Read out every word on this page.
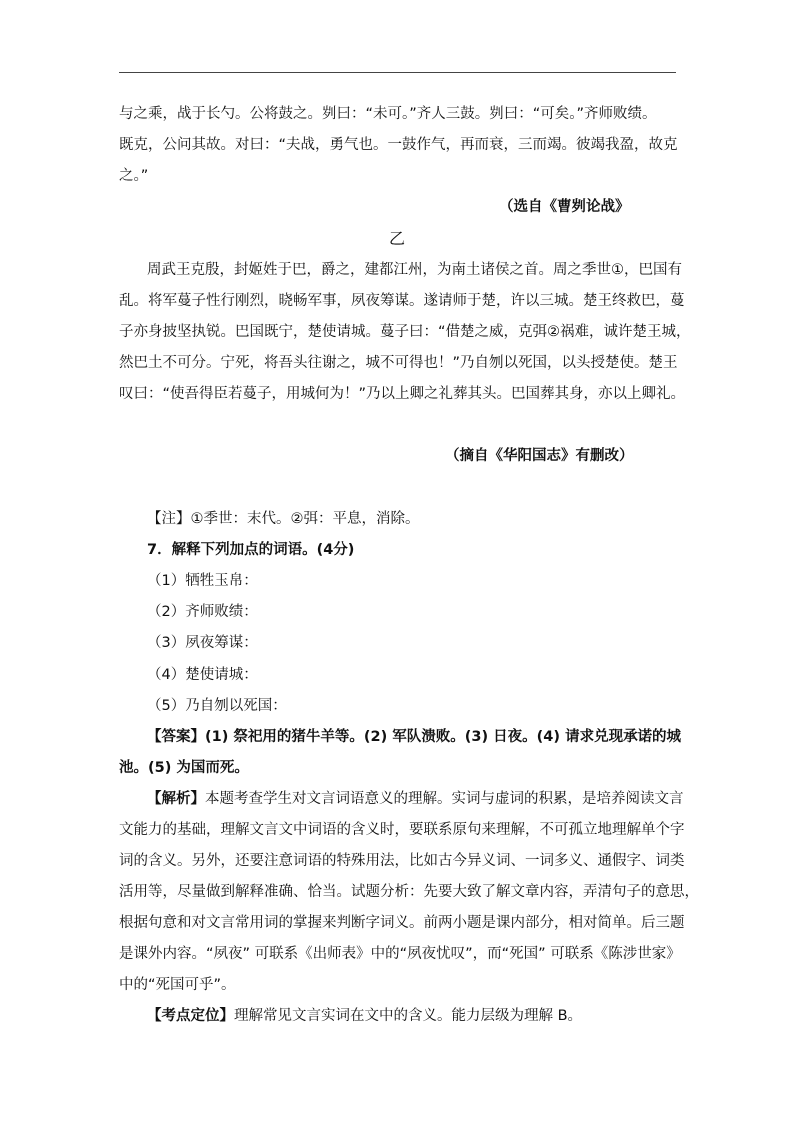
与之乘，战于长勺。公将鼓之。刿曰：“未可。”齐人三鼓。刿曰：“可矣。”齐师败绩。
既克，公问其故。对曰：“夫战，勇气也。一鼓作气，再而衰，三而竭。彼竭我盈，故克
之。”
（选自《曹刿论战》
乙
周武王克殷，封姬姓于巴，爵之，建都江州，为南土诸侯之首。周之季世①，巴国有
乱。将军蔓子性行刚烈，晓畅军事，夙夜筹谋。遂请师于楚，许以三城。楚王终救巴，蔓
子亦身披坚执锐。巴国既宁，楚使请城。蔓子曰：“借楚之威，克弭②祸难，诚许楚王城，
然巴土不可分。宁死，将吾头往谢之，城不可得也！”乃自刎以死国，以头授楚使。楚王
叹曰：“使吾得臣若蔓子，用城何为！”乃以上卿之礼葬其头。巴国葬其身，亦以上卿礼。
（摘自《华阳国志》有删改）
【注】①季世：末代。②弭：平息，消除。
7．解释下列加点的词语。(4分)
（1）牺牲玉帛：
（2）齐师败绩：
（3）夙夜筹谋：
（4）楚使请城：
（5）乃自刎以死国：
【答案】(1) 祭祀用的猪牛羊等。(2) 军队溃败。(3) 日夜。(4) 请求兑现承诺的城
池。(5) 为国而死。
【解析】本题考查学生对文言词语意义的理解。实词与虚词的积累，是培养阅读文言
文能力的基础，理解文言文中词语的含义时，要联系原句来理解，不可孤立地理解单个字
词的含义。另外，还要注意词语的特殊用法，比如古今异义词、一词多义、通假字、词类
活用等，尽量做到解释准确、恰当。试题分析：先要大致了解文章内容，弄清句子的意思，
根据句意和对文言常用词的掌握来判断字词义。前两小题是课内部分，相对简单。后三题
是课外内容。“夙夜” 可联系《出师表》中的“夙夜忧叹”，而“死国” 可联系《陈涉世家》
中的“死国可乎”。
【考点定位】理解常见文言实词在文中的含义。能力层级为理解 B。
